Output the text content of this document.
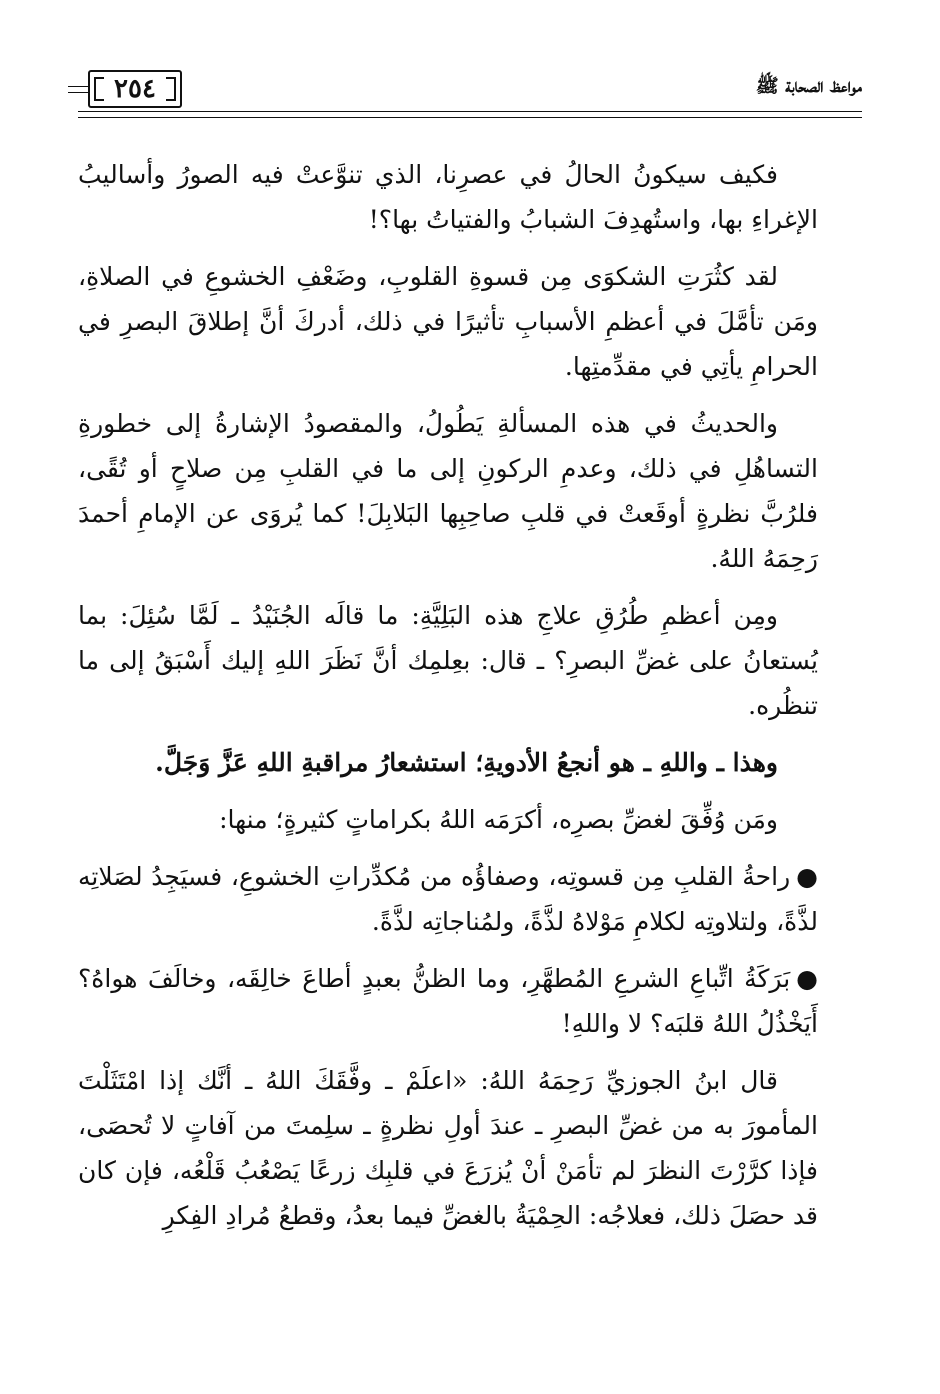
مواعظ الصحابة ﷺ
٢٥٤

فكيف سيكونُ الحالُ في عصرِنا، الذي تنوَّعتْ فيه الصورُ وأساليبُ الإغراءِ بها، واستُهدِفَ الشبابُ والفتياتُ بها؟!

لقد كثُرَتِ الشكوَى مِن قسوةِ القلوبِ، وضَعْفِ الخشوعِ في الصلاةِ، ومَن تأمَّلَ في أعظمِ الأسبابِ تأثيرًا في ذلك، أدركَ أنَّ إطلاقَ البصرِ في الحرامِ يأتِي في مقدِّمتِها.

والحديثُ في هذه المسألةِ يَطُولُ، والمقصودُ الإشارةُ إلى خطورةِ التساهُلِ في ذلك، وعدمِ الركونِ إلى ما في القلبِ مِن صلاحٍ أو تُقًى، فلرُبَّ نظرةٍ أوقَعتْ في قلبِ صاحِبِها البَلابِلَ! كما يُروَى عن الإمامِ أحمدَ رَحِمَهُ اللهُ.

ومِن أعظمِ طُرُقِ علاجِ هذه البَلِيَّةِ: ما قالَه الجُنَيْدُ ـ لَمَّا سُئِلَ: بما يُستعانُ على غضِّ البصرِ؟ ـ قال: بعِلمِك أنَّ نَظَرَ اللهِ إليك أَسْبَقُ إلى ما تنظُره.

وهذا ـ واللهِ ـ هو أنجعُ الأدويةِ؛ استشعارُ مراقبةِ اللهِ عَزَّ وَجَلَّ.

ومَن وُفِّقَ لغضِّ بصرِه، أكرَمَه اللهُ بكراماتٍ كثيرةٍ؛ منها:

●راحةُ القلبِ مِن قسوتِه، وصفاؤُه من مُكدِّراتِ الخشوعِ، فسيَجِدُ لصَلاتِه لذَّةً، ولتلاوتِه لكلامِ مَوْلاهُ لذَّةً، ولمُناجاتِه لذَّةً.

●بَرَكَةُ اتِّباعِ الشرعِ المُطهَّرِ، وما الظنُّ بعبدٍ أطاعَ خالِقَه، وخالَفَ هواهُ؟ أَيَخْذُلُ اللهُ قلبَه؟ لا واللهِ!

قال ابنُ الجوزيِّ رَحِمَهُ اللهُ: «اعلَمْ ـ وفَّقَكَ اللهُ ـ أنَّك إذا امْتَثَلْتَ المأمورَ به من غضِّ البصرِ ـ عندَ أولِ نظرةٍ ـ سلِمتَ من آفاتٍ لا تُحصَى، فإذا كرَّرْتَ النظرَ لم تأمَنْ أنْ يُزرَعَ في قلبِك زرعًا يَصْعُبُ قَلْعُه، فإن كان قد حصَلَ ذلك، فعلاجُه: الحِمْيَةُ بالغضِّ فيما بعدُ، وقطعُ مُرادِ الفِكرِ
